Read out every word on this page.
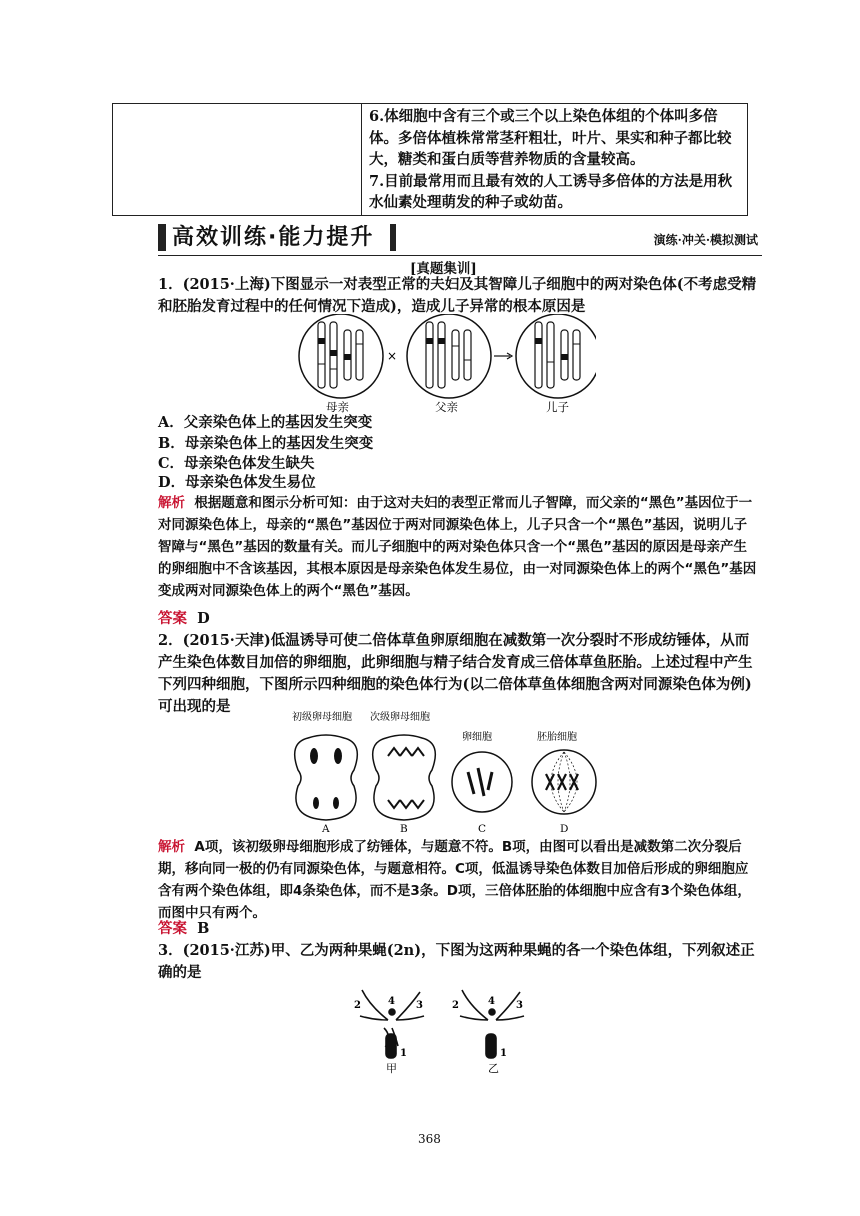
6.体细胞中含有三个或三个以上染色体组的个体叫多倍体。多倍体植株常常茎秆粗壮，叶片、果实和种子都比较大，糖类和蛋白质等营养物质的含量较高。
7.目前最常用而且最有效的人工诱导多倍体的方法是用秋水仙素处理萌发的种子或幼苗。
高效训练·能力提升	演练·冲关·模拟测试
[真题集训]
1．(2015·上海)下图显示一对表型正常的夫妇及其智障儿子细胞中的两对染色体(不考虑受精和胚胎发育过程中的任何情况下造成)，造成儿子异常的根本原因是
×
母亲	父亲	儿子
A．父亲染色体上的基因发生突变
B．母亲染色体上的基因发生突变
C．母亲染色体发生缺失
D．母亲染色体发生易位
解析 根据题意和图示分析可知：由于这对夫妇的表型正常而儿子智障，而父亲的“黑色”基因位于一对同源染色体上，母亲的“黑色”基因位于两对同源染色体上，儿子只含一个“黑色”基因，说明儿子智障与“黑色”基因的数量有关。而儿子细胞中的两对染色体只含一个“黑色”基因的原因是母亲产生的卵细胞中不含该基因，其根本原因是母亲染色体发生易位，由一对同源染色体上的两个“黑色”基因变成两对同源染色体上的两个“黑色”基因。
答案 D
2．(2015·天津)低温诱导可使二倍体草鱼卵原细胞在减数第一次分裂时不形成纺锤体，从而产生染色体数目加倍的卵细胞，此卵细胞与精子结合发育成三倍体草鱼胚胎。上述过程中产生下列四种细胞，下图所示四种细胞的染色体行为(以二倍体草鱼体细胞含两对同源染色体为例)可出现的是
初级卵母细胞 次级卵母细胞
卵细胞	胚胎细胞
A	B	C	D
解析 A项，该初级卵母细胞形成了纺锤体，与题意不符。B项，由图可以看出是减数第二次分裂后期，移向同一极的仍有同源染色体，与题意相符。C项，低温诱导染色体数目加倍后形成的卵细胞应含有两个染色体组，即4条染色体，而不是3条。D项，三倍体胚胎的体细胞中应含有3个染色体组，而图中只有两个。
答案 B
3．(2015·江苏)甲、乙为两种果蝇(2n)，下图为这两种果蝇的各一个染色体组，下列叙述正确的是
2	4 3
1
2	4 3
1
甲	乙
368
